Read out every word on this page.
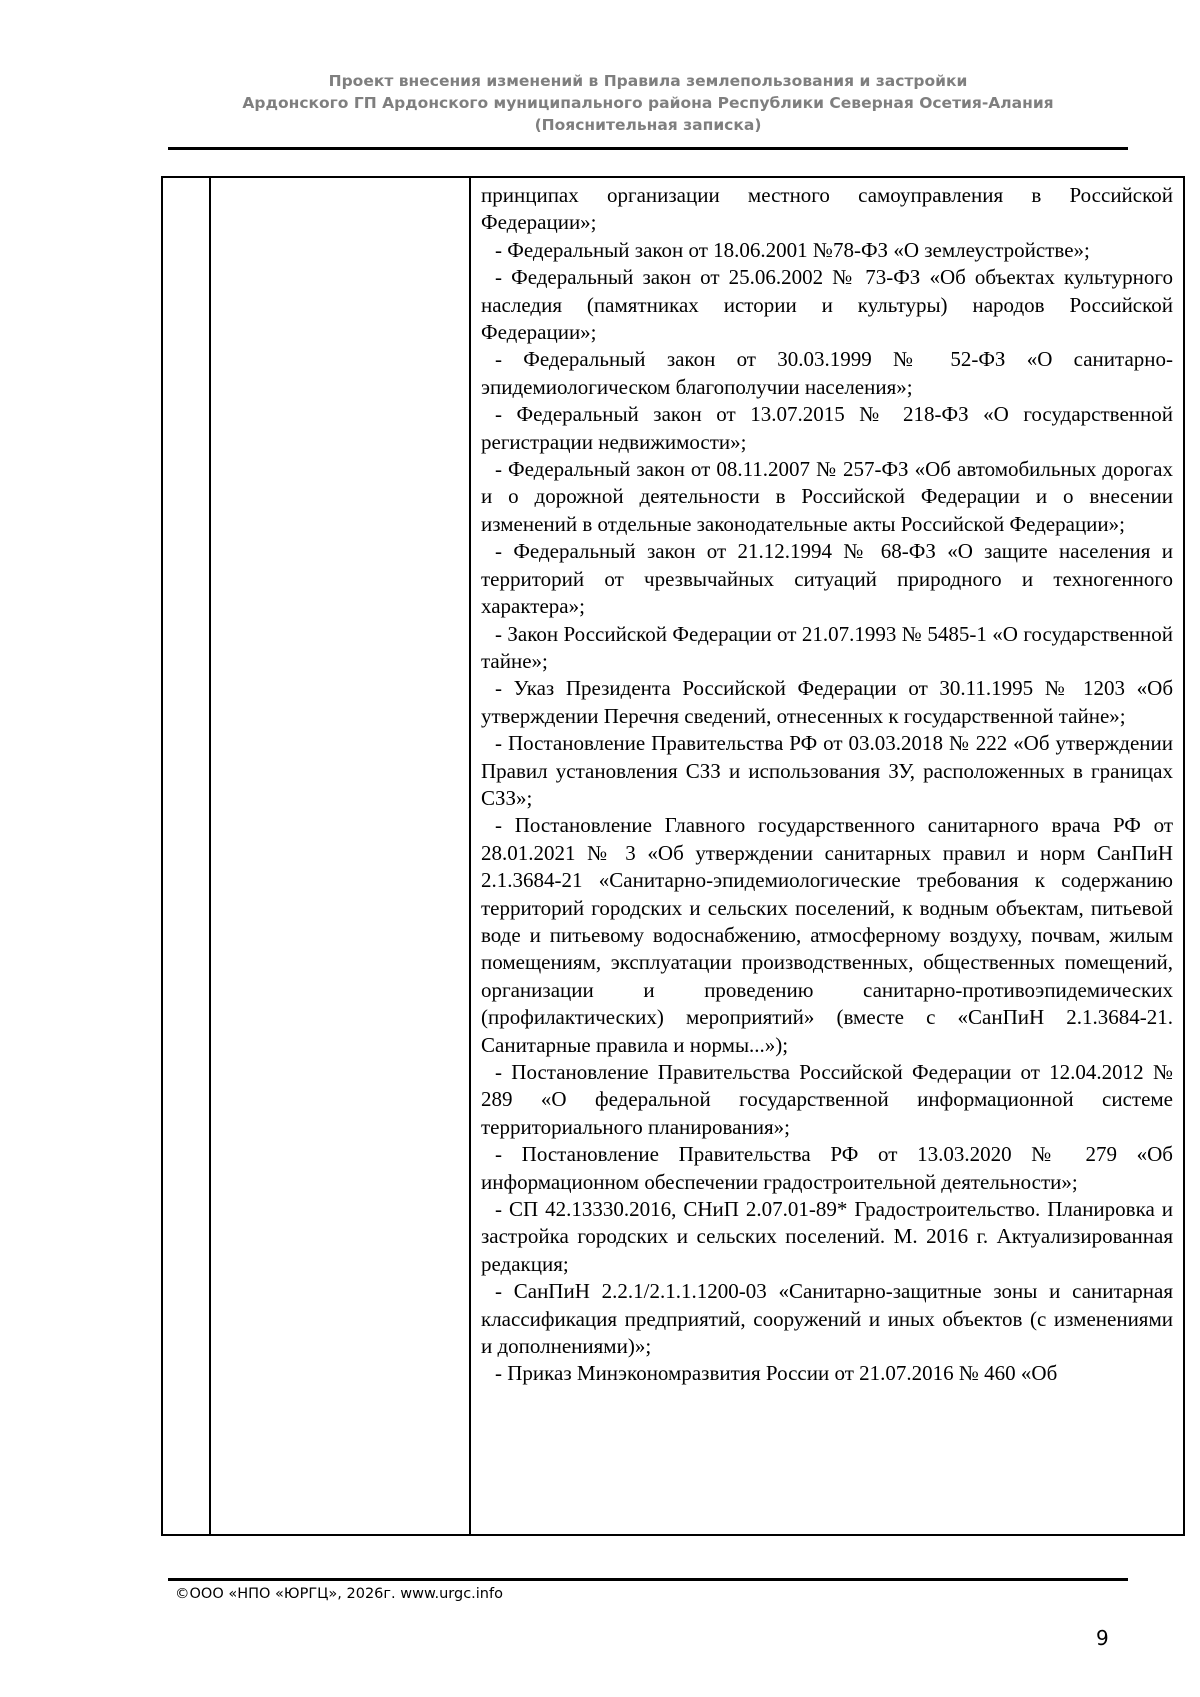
Проект внесения изменений в Правила землепользования и застройки
Ардонского ГП Ардонского муниципального района Республики Северная Осетия-Алания
(Пояснительная записка)

принципах организации местного самоуправления в Российской Федерации»;

- Федеральный закон от 18.06.2001 №78-ФЗ «О землеустройстве»;

- Федеральный закон от 25.06.2002 № 73-ФЗ «Об объектах культурного наследия (памятниках истории и культуры) народов Российской Федерации»;

- Федеральный закон от 30.03.1999 № 52-ФЗ «О санитарно-эпидемиологическом благополучии населения»;

- Федеральный закон от 13.07.2015 № 218-ФЗ «О государственной регистрации недвижимости»;

- Федеральный закон от 08.11.2007 № 257-ФЗ «Об автомобильных дорогах и о дорожной деятельности в Российской Федерации и о внесении изменений в отдельные законодательные акты Российской Федерации»;

- Федеральный закон от 21.12.1994 № 68-ФЗ «О защите населения и территорий от чрезвычайных ситуаций природного и техногенного характера»;

- Закон Российской Федерации от 21.07.1993 № 5485-1 «О государственной тайне»;

- Указ Президента Российской Федерации от 30.11.1995 № 1203 «Об утверждении Перечня сведений, отнесенных к государственной тайне»;

- Постановление Правительства РФ от 03.03.2018 № 222 «Об утверждении Правил установления СЗЗ и использования ЗУ, расположенных в границах СЗЗ»;

- Постановление Главного государственного санитарного врача РФ от 28.01.2021 № 3 «Об утверждении санитарных правил и норм СанПиН 2.1.3684-21 «Санитарно-эпидемиологические требования к содержанию территорий городских и сельских поселений, к водным объектам, питьевой воде и питьевому водоснабжению, атмосферному воздуху, почвам, жилым помещениям, эксплуатации производственных, общественных помещений, организации и проведению санитарно-противоэпидемических (профилактических) мероприятий» (вместе с «СанПиН 2.1.3684-21. Санитарные правила и нормы...»);

- Постановление Правительства Российской Федерации от 12.04.2012 № 289 «О федеральной государственной информационной системе территориального планирования»;

- Постановление Правительства РФ от 13.03.2020 № 279 «Об информационном обеспечении градостроительной деятельности»;

- СП 42.13330.2016, СНиП 2.07.01-89* Градостроительство. Планировка и застройка городских и сельских поселений. М. 2016 г. Актуализированная редакция;

- СанПиН 2.2.1/2.1.1.1200-03 «Санитарно-защитные зоны и санитарная классификация предприятий, сооружений и иных объектов (с изменениями и дополнениями)»;

- Приказ Минэкономразвития России от 21.07.2016 № 460 «Об

©ООО «НПО «ЮРГЦ», 2026г. www.urgc.info
9
